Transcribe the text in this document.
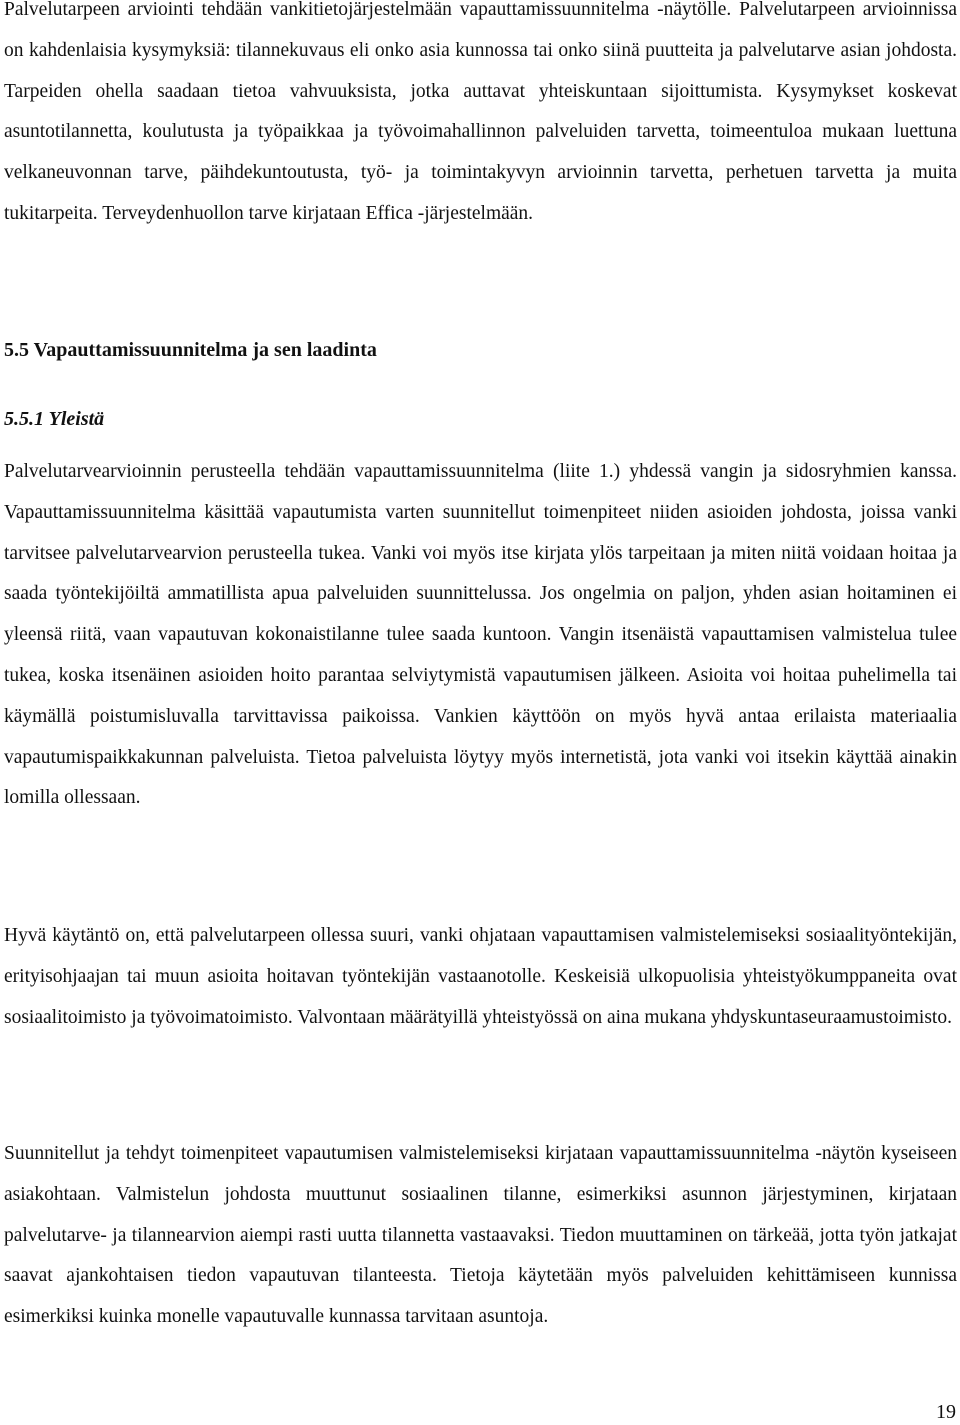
Palvelutarpeen arviointi tehdään vankitietojärjestelmään vapauttamissuunnitelma -näytölle. Palvelutarpeen arvioinnissa on kahdenlaisia kysymyksiä: tilannekuvaus eli onko asia kunnossa tai onko siinä puutteita ja palvelutarve asian johdosta. Tarpeiden ohella saadaan tietoa vahvuuksista, jotka auttavat yhteiskuntaan sijoittumista. Kysymykset koskevat asuntotilannetta, koulutusta ja työpaikkaa ja työvoimahallinnon palveluiden tarvetta, toimeentuloa mukaan luettuna velkaneuvonnan tarve, päihdekuntoutusta, työ- ja toimintakyvyn arvioinnin tarvetta, perhetuen tarvetta ja muita tukitarpeita. Terveydenhuollon tarve kirjataan Effica -järjestelmään.

5.5 Vapauttamissuunnitelma ja sen laadinta
5.5.1 Yleistä

Palvelutarvearvioinnin perusteella tehdään vapauttamissuunnitelma (liite 1.) yhdessä vangin ja sidosryhmien kanssa. Vapauttamissuunnitelma käsittää vapautumista varten suunnitellut toimenpiteet niiden asioiden johdosta, joissa vanki tarvitsee palvelutarvearvion perusteella tukea. Vanki voi myös itse kirjata ylös tarpeitaan ja miten niitä voidaan hoitaa ja saada työntekijöiltä ammatillista apua palveluiden suunnittelussa. Jos ongelmia on paljon, yhden asian hoitaminen ei yleensä riitä, vaan vapautuvan kokonaistilanne tulee saada kuntoon. Vangin itsenäistä vapauttamisen valmistelua tulee tukea, koska itsenäinen asioiden hoito parantaa selviytymistä vapautumisen jälkeen. Asioita voi hoitaa puhelimella tai käymällä poistumisluvalla tarvittavissa paikoissa. Vankien käyttöön on myös hyvä antaa erilaista materiaalia vapautumispaikkakunnan palveluista. Tietoa palveluista löytyy myös internetistä, jota vanki voi itsekin käyttää ainakin lomilla ollessaan.

Hyvä käytäntö on, että palvelutarpeen ollessa suuri, vanki ohjataan vapauttamisen valmistelemiseksi sosiaalityöntekijän, erityisohjaajan tai muun asioita hoitavan työntekijän vastaanotolle. Keskeisiä ulkopuolisia yhteistyökumppaneita ovat sosiaalitoimisto ja työvoimatoimisto. Valvontaan määrätyillä yhteistyössä on aina mukana yhdyskuntaseuraamustoimisto.

Suunnitellut ja tehdyt toimenpiteet vapautumisen valmistelemiseksi kirjataan vapauttamissuunnitelma -näytön kyseiseen asiakohtaan. Valmistelun johdosta muuttunut sosiaalinen tilanne, esimerkiksi asunnon järjestyminen, kirjataan palvelutarve- ja tilannearvion aiempi rasti uutta tilannetta vastaavaksi. Tiedon muuttaminen on tärkeää, jotta työn jatkajat saavat ajankohtaisen tiedon vapautuvan tilanteesta. Tietoja käytetään myös palveluiden kehittämiseen kunnissa esimerkiksi kuinka monelle vapautuvalle kunnassa tarvitaan asuntoja.

19
